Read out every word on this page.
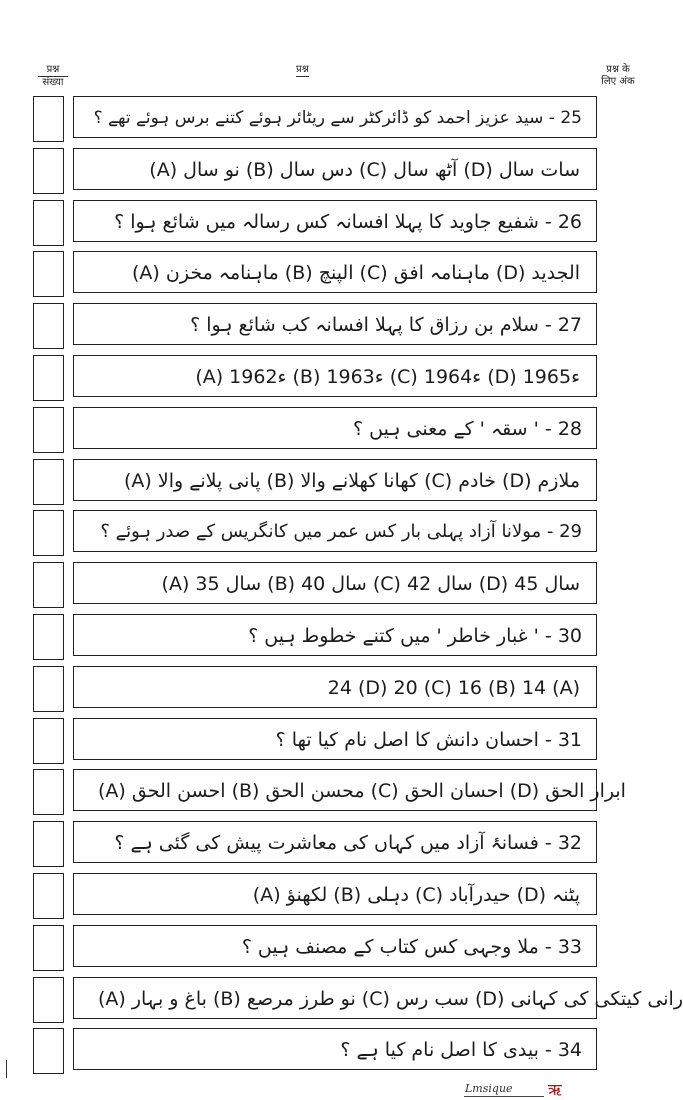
प्रश्न
संख्या
प्रश्न	प्रश्न के
लिए अंक
25 - سید عزیز احمد کو ڈائرکٹر سے ریٹائر ہوئے کتنے برس ہوئے تھے ؟
(A) نو سال (B) دس سال (C) آٹھ سال (D) سات سال
26 - شفیع جاوید کا پہلا افسانہ کس رسالہ میں شائع ہوا ؟
(A) ماہنامہ مخزن (B) الپنچ (C) ماہنامہ افق (D) الجدید
27 - سلام بن رزاق کا پہلا افسانہ کب شائع ہوا ؟
(A) 1962ء (B) 1963ء (C) 1964ء (D) 1965ء
28 - ' سقہ ' کے معنی ہیں ؟
(A) پانی پلانے والا (B) کھانا کھلانے والا (C) خادم (D) ملازم
29 - مولانا آزاد پہلی بار کس عمر میں کانگریس کے صدر ہوئے ؟
(A) 35 سال (B) 40 سال (C) 42 سال (D) 45 سال
30 - ' غبار خاطر ' میں کتنے خطوط ہیں ؟
24 (D) 20 (C) 16 (B) 14 (A)
31 - احسان دانش کا اصل نام کیا تھا ؟
(A) احسن الحق (B) محسن الحق (C) احسان الحق (D) ابرار الحق
32 - فسانۂ آزاد میں کہاں کی معاشرت پیش کی گئی ہے ؟
(A) لکھنؤ (B) دہلی (C) حیدرآباد (D) پٹنہ
33 - ملا وجہی کس کتاب کے مصنف ہیں ؟
(A) باغ و بہار (B) نو طرز مرصع (C) سب رس (D) رانی کیتکی کی کہانی
34 - بیدی کا اصل نام کیا ہے ؟
Lmsique ऋ
